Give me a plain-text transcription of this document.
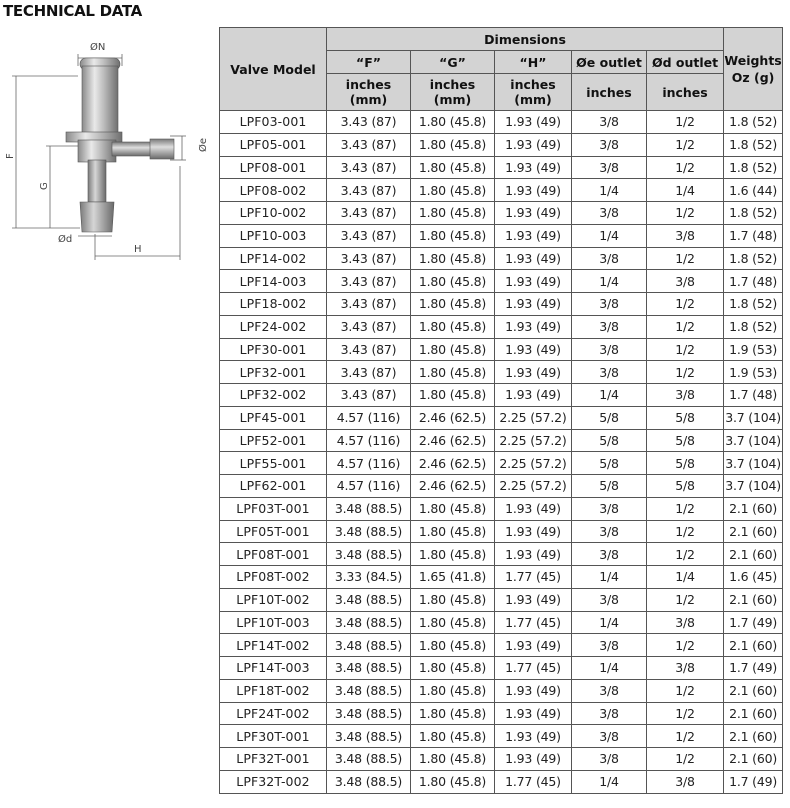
TECHNICAL DATA
ØN
F
G
Ød
Øe
H
Valve Model	Dimensions					Weights Oz (g)
	“F”	“G”	“H”	Øe outlet	Ød outlet	
	inches (mm)	inches (mm)	inches (mm)	inches	inches	
LPF03-001	3.43 (87)	1.80 (45.8)	1.93 (49)	3/8	1/2	1.8 (52)
LPF05-001	3.43 (87)	1.80 (45.8)	1.93 (49)	3/8	1/2	1.8 (52)
LPF08-001	3.43 (87)	1.80 (45.8)	1.93 (49)	3/8	1/2	1.8 (52)
LPF08-002	3.43 (87)	1.80 (45.8)	1.93 (49)	1/4	1/4	1.6 (44)
LPF10-002	3.43 (87)	1.80 (45.8)	1.93 (49)	3/8	1/2	1.8 (52)
LPF10-003	3.43 (87)	1.80 (45.8)	1.93 (49)	1/4	3/8	1.7 (48)
LPF14-002	3.43 (87)	1.80 (45.8)	1.93 (49)	3/8	1/2	1.8 (52)
LPF14-003	3.43 (87)	1.80 (45.8)	1.93 (49)	1/4	3/8	1.7 (48)
LPF18-002	3.43 (87)	1.80 (45.8)	1.93 (49)	3/8	1/2	1.8 (52)
LPF24-002	3.43 (87)	1.80 (45.8)	1.93 (49)	3/8	1/2	1.8 (52)
LPF30-001	3.43 (87)	1.80 (45.8)	1.93 (49)	3/8	1/2	1.9 (53)
LPF32-001	3.43 (87)	1.80 (45.8)	1.93 (49)	3/8	1/2	1.9 (53)
LPF32-002	3.43 (87)	1.80 (45.8)	1.93 (49)	1/4	3/8	1.7 (48)
LPF45-001	4.57 (116)	2.46 (62.5)	2.25 (57.2)	5/8	5/8	3.7 (104)
LPF52-001	4.57 (116)	2.46 (62.5)	2.25 (57.2)	5/8	5/8	3.7 (104)
LPF55-001	4.57 (116)	2.46 (62.5)	2.25 (57.2)	5/8	5/8	3.7 (104)
LPF62-001	4.57 (116)	2.46 (62.5)	2.25 (57.2)	5/8	5/8	3.7 (104)
LPF03T-001	3.48 (88.5)	1.80 (45.8)	1.93 (49)	3/8	1/2	2.1 (60)
LPF05T-001	3.48 (88.5)	1.80 (45.8)	1.93 (49)	3/8	1/2	2.1 (60)
LPF08T-001	3.48 (88.5)	1.80 (45.8)	1.93 (49)	3/8	1/2	2.1 (60)
LPF08T-002	3.33 (84.5)	1.65 (41.8)	1.77 (45)	1/4	1/4	1.6 (45)
LPF10T-002	3.48 (88.5)	1.80 (45.8)	1.93 (49)	3/8	1/2	2.1 (60)
LPF10T-003	3.48 (88.5)	1.80 (45.8)	1.77 (45)	1/4	3/8	1.7 (49)
LPF14T-002	3.48 (88.5)	1.80 (45.8)	1.93 (49)	3/8	1/2	2.1 (60)
LPF14T-003	3.48 (88.5)	1.80 (45.8)	1.77 (45)	1/4	3/8	1.7 (49)
LPF18T-002	3.48 (88.5)	1.80 (45.8)	1.93 (49)	3/8	1/2	2.1 (60)
LPF24T-002	3.48 (88.5)	1.80 (45.8)	1.93 (49)	3/8	1/2	2.1 (60)
LPF30T-001	3.48 (88.5)	1.80 (45.8)	1.93 (49)	3/8	1/2	2.1 (60)
LPF32T-001	3.48 (88.5)	1.80 (45.8)	1.93 (49)	3/8	1/2	2.1 (60)
LPF32T-002	3.48 (88.5)	1.80 (45.8)	1.77 (45)	1/4	3/8	1.7 (49)
